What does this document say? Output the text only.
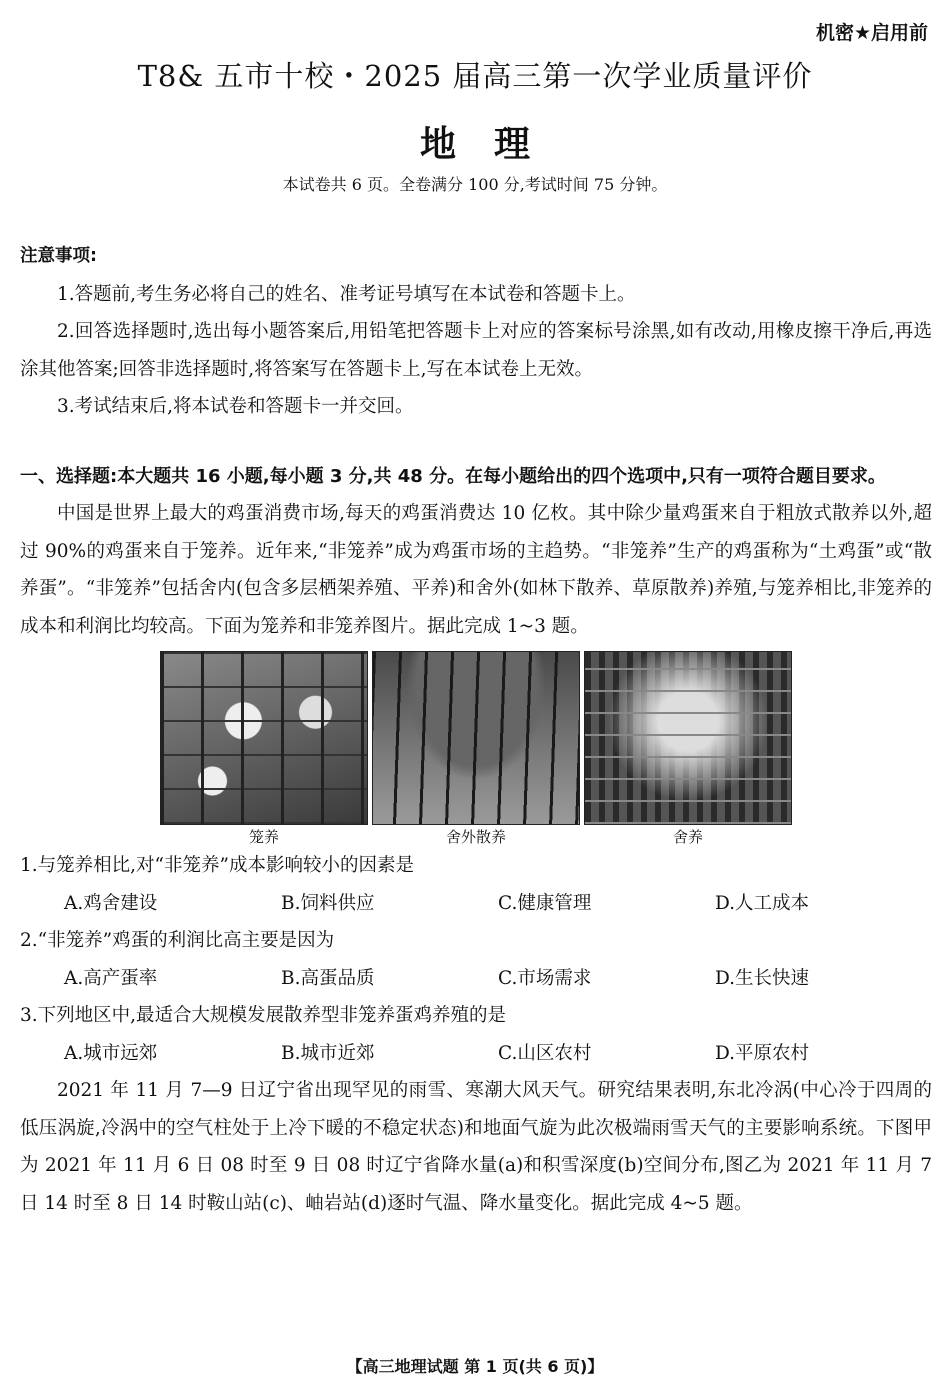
机密★启用前
T8& 五市十校・2025 届高三第一次学业质量评价
地理
本试卷共 6 页。全卷满分 100 分,考试时间 75 分钟。
注意事项:

1.答题前,考生务必将自己的姓名、准考证号填写在本试卷和答题卡上。

2.回答选择题时,选出每小题答案后,用铅笔把答题卡上对应的答案标号涂黑,如有改动,用橡皮擦干净后,再选涂其他答案;回答非选择题时,将答案写在答题卡上,写在本试卷上无效。

3.考试结束后,将本试卷和答题卡一并交回。

一、选择题:本大题共 16 小题,每小题 3 分,共 48 分。在每小题给出的四个选项中,只有一项符合题目要求。

中国是世界上最大的鸡蛋消费市场,每天的鸡蛋消费达 10 亿枚。其中除少量鸡蛋来自于粗放式散养以外,超过 90%的鸡蛋来自于笼养。近年来,“非笼养”成为鸡蛋市场的主趋势。“非笼养”生产的鸡蛋称为“土鸡蛋”或“散养蛋”。“非笼养”包括舍内(包含多层栖架养殖、平养)和舍外(如林下散养、草原散养)养殖,与笼养相比,非笼养的成本和利润比均较高。下面为笼养和非笼养图片。据此完成 1~3 题。

笼养	舍外散养	舍养

1.与笼养相比,对“非笼养”成本影响较小的因素是

A.鸡舍建设	B.饲料供应	C.健康管理	D.人工成本

2.“非笼养”鸡蛋的利润比高主要是因为

A.高产蛋率	B.高蛋品质	C.市场需求	D.生长快速

3.下列地区中,最适合大规模发展散养型非笼养蛋鸡养殖的是

A.城市远郊	B.城市近郊	C.山区农村	D.平原农村

2021 年 11 月 7—9 日辽宁省出现罕见的雨雪、寒潮大风天气。研究结果表明,东北冷涡(中心冷于四周的低压涡旋,冷涡中的空气柱处于上冷下暖的不稳定状态)和地面气旋为此次极端雨雪天气的主要影响系统。下图甲为 2021 年 11 月 6 日 08 时至 9 日 08 时辽宁省降水量(a)和积雪深度(b)空间分布,图乙为 2021 年 11 月 7 日 14 时至 8 日 14 时鞍山站(c)、岫岩站(d)逐时气温、降水量变化。据此完成 4~5 题。

【高三地理试题 第 1 页(共 6 页)】
